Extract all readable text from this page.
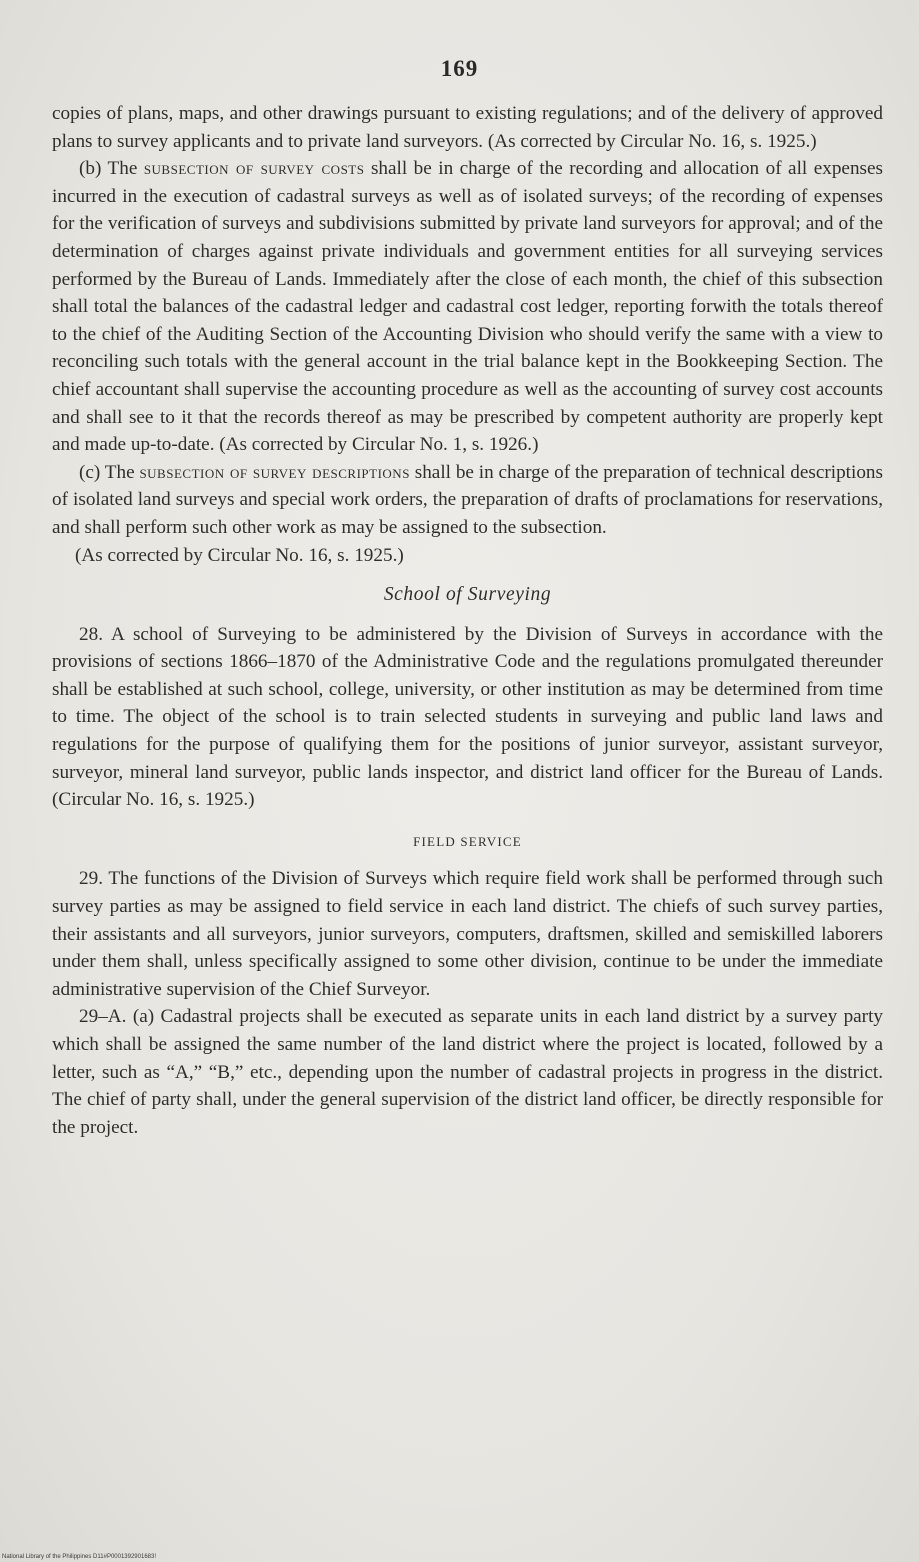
169

copies of plans, maps, and other drawings pursuant to existing regulations; and of the delivery of approved plans to survey applicants and to private land surveyors. (As corrected by Circular No. 16, s. 1925.)

(b) The subsection of survey costs shall be in charge of the recording and allocation of all expenses incurred in the execution of cadastral surveys as well as of isolated surveys; of the recording of expenses for the verification of surveys and subdivisions submitted by private land surveyors for approval; and of the determination of charges against private individuals and government entities for all surveying services performed by the Bureau of Lands. Immediately after the close of each month, the chief of this subsection shall total the balances of the cadastral ledger and cadastral cost ledger, reporting forwith the totals thereof to the chief of the Auditing Section of the Accounting Division who should verify the same with a view to reconciling such totals with the general account in the trial balance kept in the Bookkeeping Section. The chief accountant shall supervise the accounting procedure as well as the accounting of survey cost accounts and shall see to it that the records thereof as may be prescribed by competent authority are properly kept and made up-to-date. (As corrected by Circular No. 1, s. 1926.)

(c) The subsection of survey descriptions shall be in charge of the preparation of technical descriptions of isolated land surveys and special work orders, the preparation of drafts of proclamations for reservations, and shall perform such other work as may be assigned to the subsection.

(As corrected by Circular No. 16, s. 1925.)

School of Surveying

28. A school of Surveying to be administered by the Division of Surveys in accordance with the provisions of sections 1866–1870 of the Administrative Code and the regulations promulgated thereunder shall be established at such school, college, university, or other institution as may be determined from time to time. The object of the school is to train selected students in surveying and public land laws and regulations for the purpose of qualifying them for the positions of junior surveyor, assistant surveyor, surveyor, mineral land surveyor, public lands inspector, and district land officer for the Bureau of Lands. (Circular No. 16, s. 1925.)

FIELD SERVICE

29. The functions of the Division of Surveys which require field work shall be performed through such survey parties as may be assigned to field service in each land district. The chiefs of such survey parties, their assistants and all surveyors, junior surveyors, computers, draftsmen, skilled and semiskilled laborers under them shall, unless specifically assigned to some other division, continue to be under the immediate administrative supervision of the Chief Surveyor.

29–A. (a) Cadastral projects shall be executed as separate units in each land district by a survey party which shall be assigned the same number of the land district where the project is located, followed by a letter, such as “A,” “B,” etc., depending upon the number of cadastral projects in progress in the district. The chief of party shall, under the general supervision of the district land officer, be directly responsible for the project.

National Library of the Philippines D11#P0001392901683!
